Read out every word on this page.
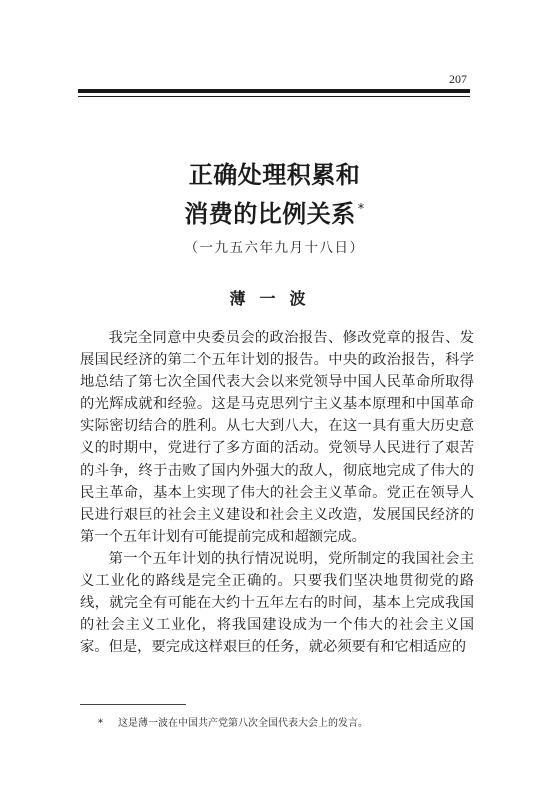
207
正确处理积累和
消费的比例关系 *
（一九五六年九月十八日）
薄一波

我完全同意中央委员会的政治报告、修改党章的报告、发展国民经济的第二个五年计划的报告。中央的政治报告，科学地总结了第七次全国代表大会以来党领导中国人民革命所取得的光辉成就和经验。这是马克思列宁主义基本原理和中国革命实际密切结合的胜利。从七大到八大，在这一具有重大历史意义的时期中，党进行了多方面的活动。党领导人民进行了艰苦的斗争，终于击败了国内外强大的敌人，彻底地完成了伟大的民主革命，基本上实现了伟大的社会主义革命。党正在领导人民进行艰巨的社会主义建设和社会主义改造，发展国民经济的第一个五年计划有可能提前完成和超额完成。

第一个五年计划的执行情况说明，党所制定的我国社会主义工业化的路线是完全正确的。只要我们坚决地贯彻党的路线，就完全有可能在大约十五年左右的时间，基本上完成我国的社会主义工业化，将我国建设成为一个伟大的社会主义国家。但是，要完成这样艰巨的任务，就必须要有和它相适应的

* 这是薄一波在中国共产党第八次全国代表大会上的发言。
